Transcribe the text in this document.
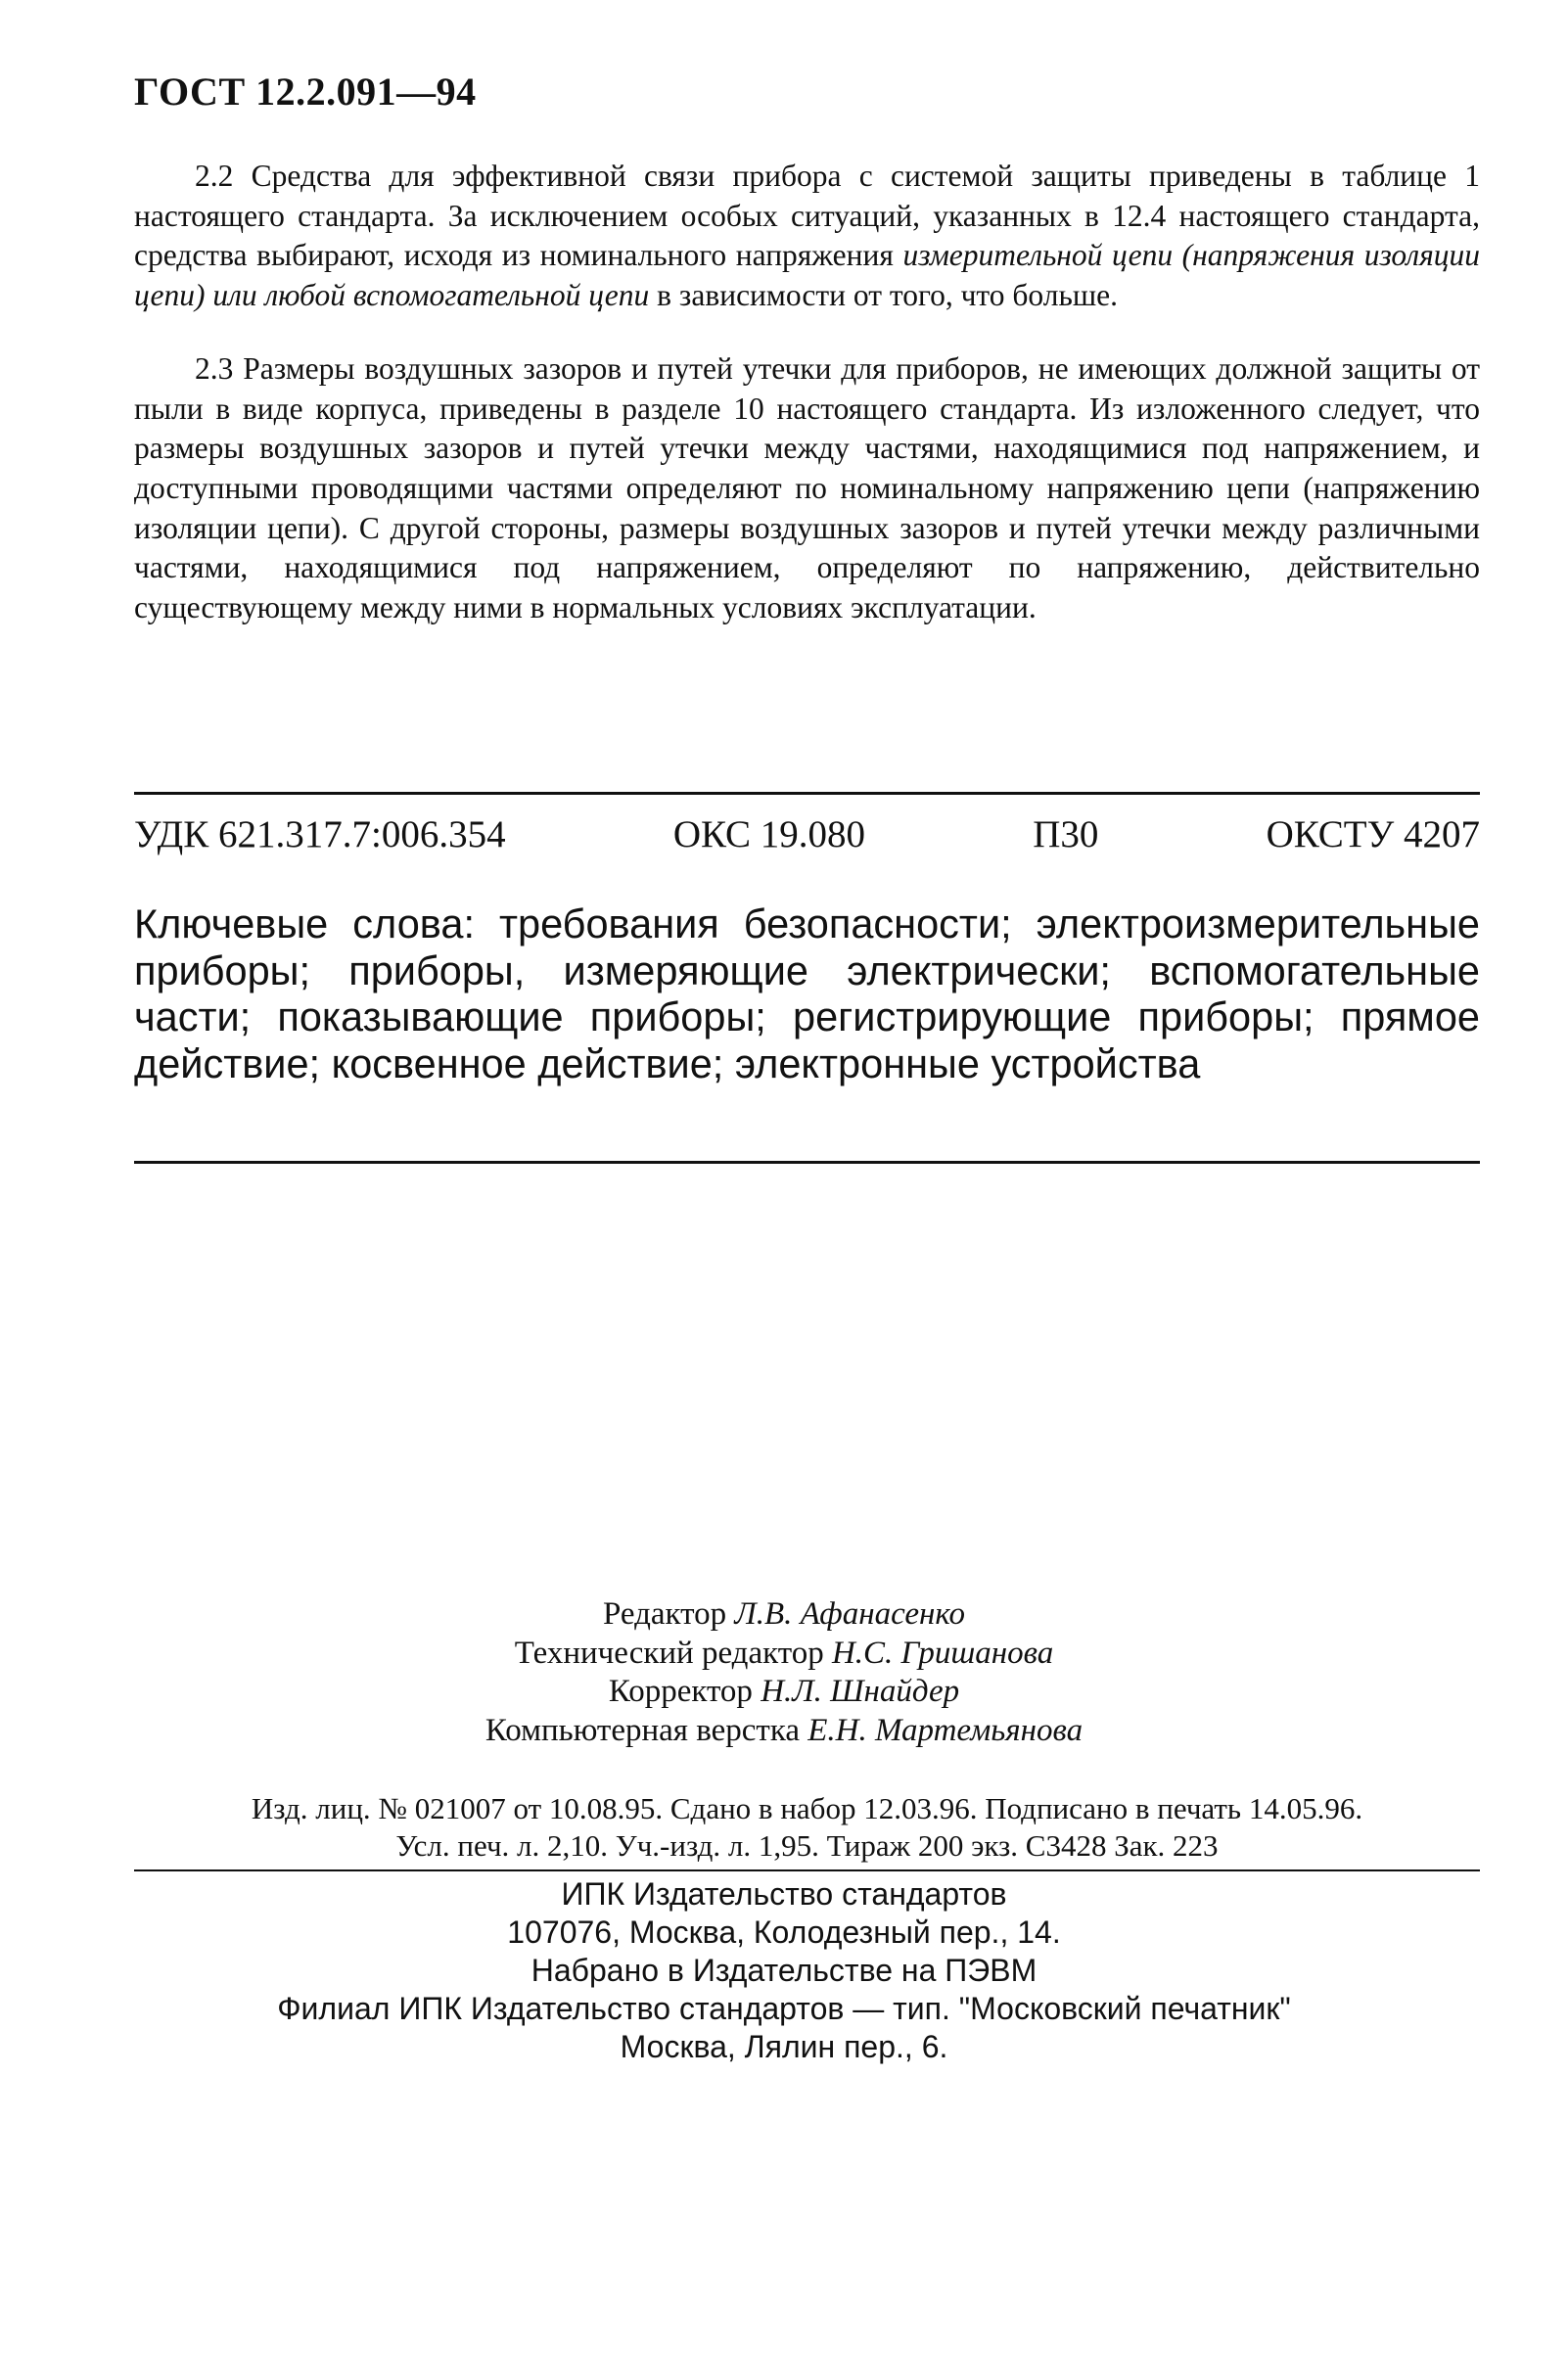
ГОСТ 12.2.091—94
2.2 Средства для эффективной связи прибора с системой защиты приведены в таблице 1 настоящего стандарта. За исключением особых ситуаций, указанных в 12.4 настоящего стандарта, средства выбирают, исходя из номинального напряжения измерительной цепи (напряжения изоляции цепи) или любой вспомогательной цепи в зависимости от того, что больше.
2.3 Размеры воздушных зазоров и путей утечки для приборов, не имеющих должной защиты от пыли в виде корпуса, приведены в разделе 10 настоящего стандарта. Из изложенного следует, что размеры воздушных зазоров и путей утечки между частями, находящимися под напряжением, и доступными проводящими частями определяют по номинальному напряжению цепи (напряжению изоляции цепи). С другой стороны, размеры воздушных зазоров и путей утечки между различными частями, находящимися под напряжением, определяют по напряжению, действительно существующему между ними в нормальных условиях эксплуатации.
УДК 621.317.7:006.354	ОКС 19.080	П30	ОКСТУ 4207
Ключевые слова: требования безопасности; электроизмерительные приборы; приборы, измеряющие электрически; вспомогательные части; показывающие приборы; регистрирующие приборы; прямое действие; косвенное действие; электронные устройства
Редактор Л.В. Афанасенко
Технический редактор Н.С. Гришанова
Корректор Н.Л. Шнайдер
Компьютерная верстка Е.Н. Мартемьянова
Изд. лиц. № 021007 от 10.08.95. Сдано в набор 12.03.96. Подписано в печать 14.05.96.
Усл. печ. л. 2,10. Уч.-изд. л. 1,95. Тираж 200 экз. С3428 Зак. 223
ИПК Издательство стандартов
107076, Москва, Колодезный пер., 14.
Набрано в Издательстве на ПЭВМ
Филиал ИПК Издательство стандартов — тип. "Московский печатник"
Москва, Лялин пер., 6.
